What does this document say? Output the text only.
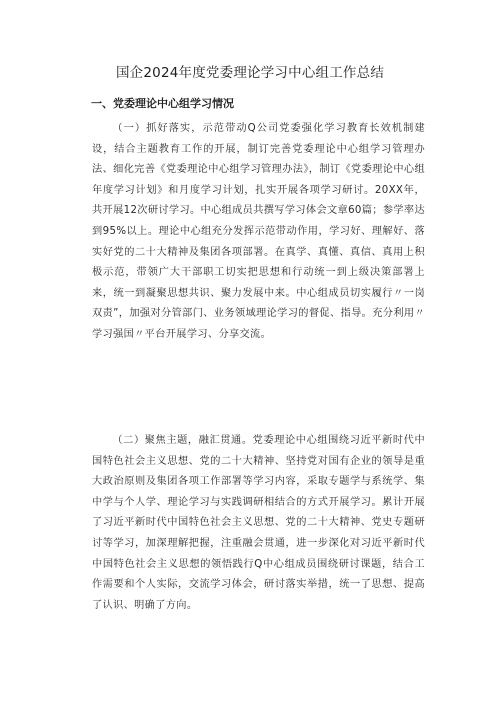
国企2024年度党委理论学习中心组工作总结
一、党委理论中心组学习情况

（一）抓好落实，示范带动Q公司党委强化学习教育长效机制建设，结合主题教育工作的开展，制订完善党委理论中心组学习管理办法、细化完善《党委理论中心组学习管理办法》，制订《党委理论中心组年度学习计划》和月度学习计划，扎实开展各项学习研讨。20XX年，共开展12次研讨学习。中心组成员共撰写学习体会文章60篇；参学率达到95%以上。理论中心组充分发挥示范带动作用，学习好、理解好、落实好党的二十大精神及集团各项部署。在真学、真懂、真信、真用上积极示范，带领广大干部职工切实把思想和行动统一到上级决策部署上来，统一到凝聚思想共识、聚力发展中来。中心组成员切实履行〃一岗双责”，加强对分管部门、业务领域理论学习的督促、指导。充分利用〃学习强国〃平台开展学习、分享交流。

（二）聚焦主题，融汇贯通。党委理论中心组围绕习近平新时代中国特色社会主义思想、党的二十大精神、坚持党对国有企业的领导是重大政治原则及集团各项工作部署等学习内容，采取专题学与系统学、集中学与个人学、理论学习与实践调研相结合的方式开展学习。累计开展了习近平新时代中国特色社会主义思想、党的二十大精神、党史专题研讨等学习，加深理解把握，注重融会贯通，进一步深化对习近平新时代中国特色社会主义思想的领悟践行Q中心组成员围绕研讨课题，结合工作需要和个人实际，交流学习体会，研讨落实举措，统一了思想、提高了认识、明确了方向。
